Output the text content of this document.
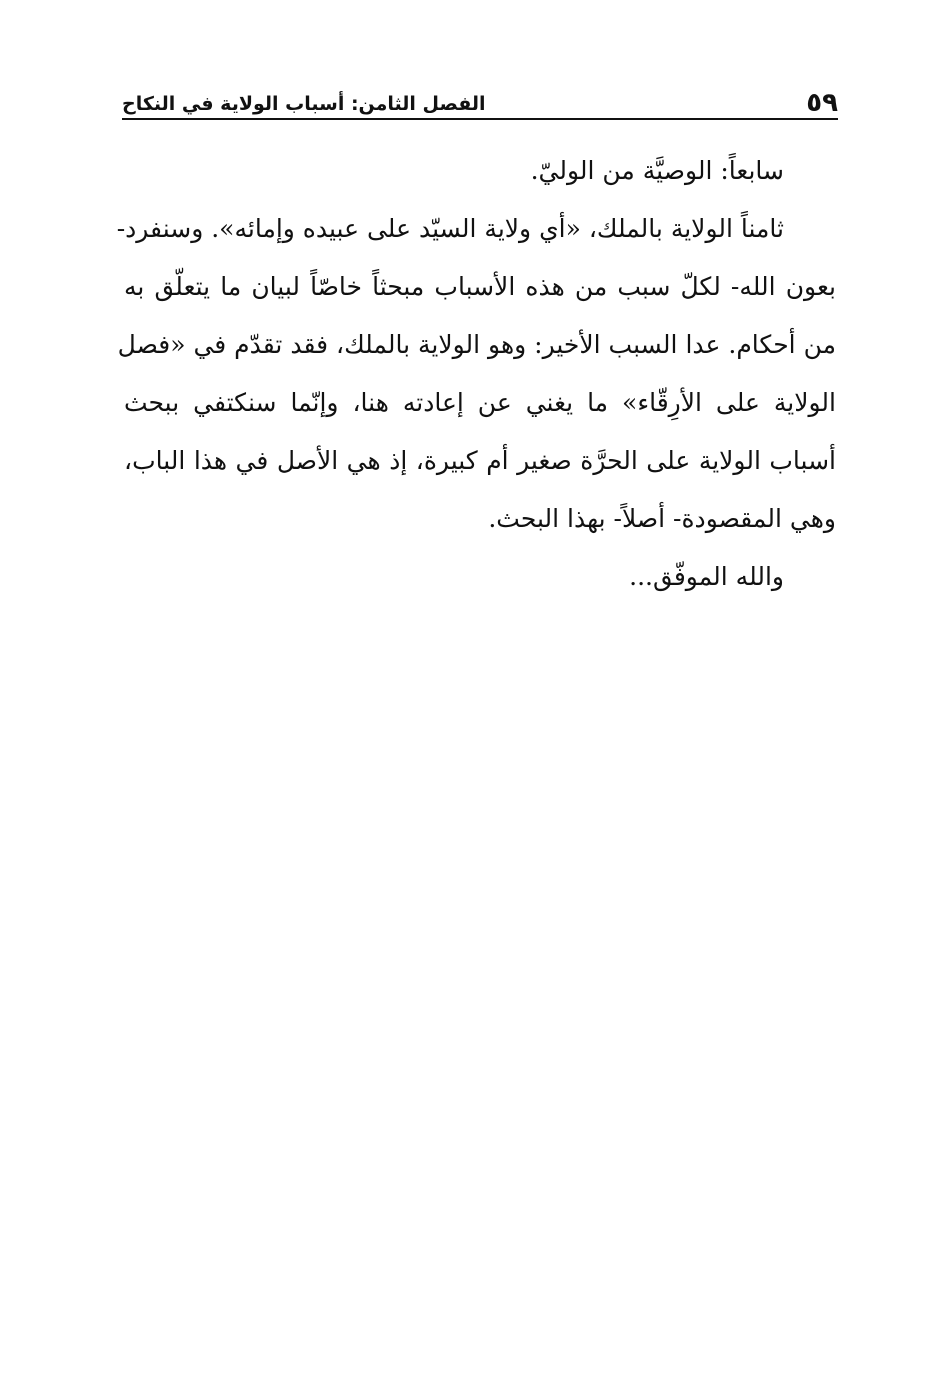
٥٩
الفصل الثامن: أسباب الولاية في النكاح
سابعاً: الوصيَّة من الوليّ.
ثامناً الولاية بالملك، «أي ولاية السيّد على عبيده وإمائه». وسنفرد-
بعون الله- لكلّ سبب من هذه الأسباب مبحثاً خاصّاً لبيان ما يتعلّق به
من أحكام. عدا السبب الأخير: وهو الولاية بالملك، فقد تقدّم في «فصل
الولاية على الأرِقّاء» ما يغني عن إعادته هنا، وإنّما سنكتفي ببحث
أسباب الولاية على الحرَّة صغير أم كبيرة، إذ هي الأصل في هذا الباب،
وهي المقصودة- أصلاً- بهذا البحث.
والله الموفّق...
